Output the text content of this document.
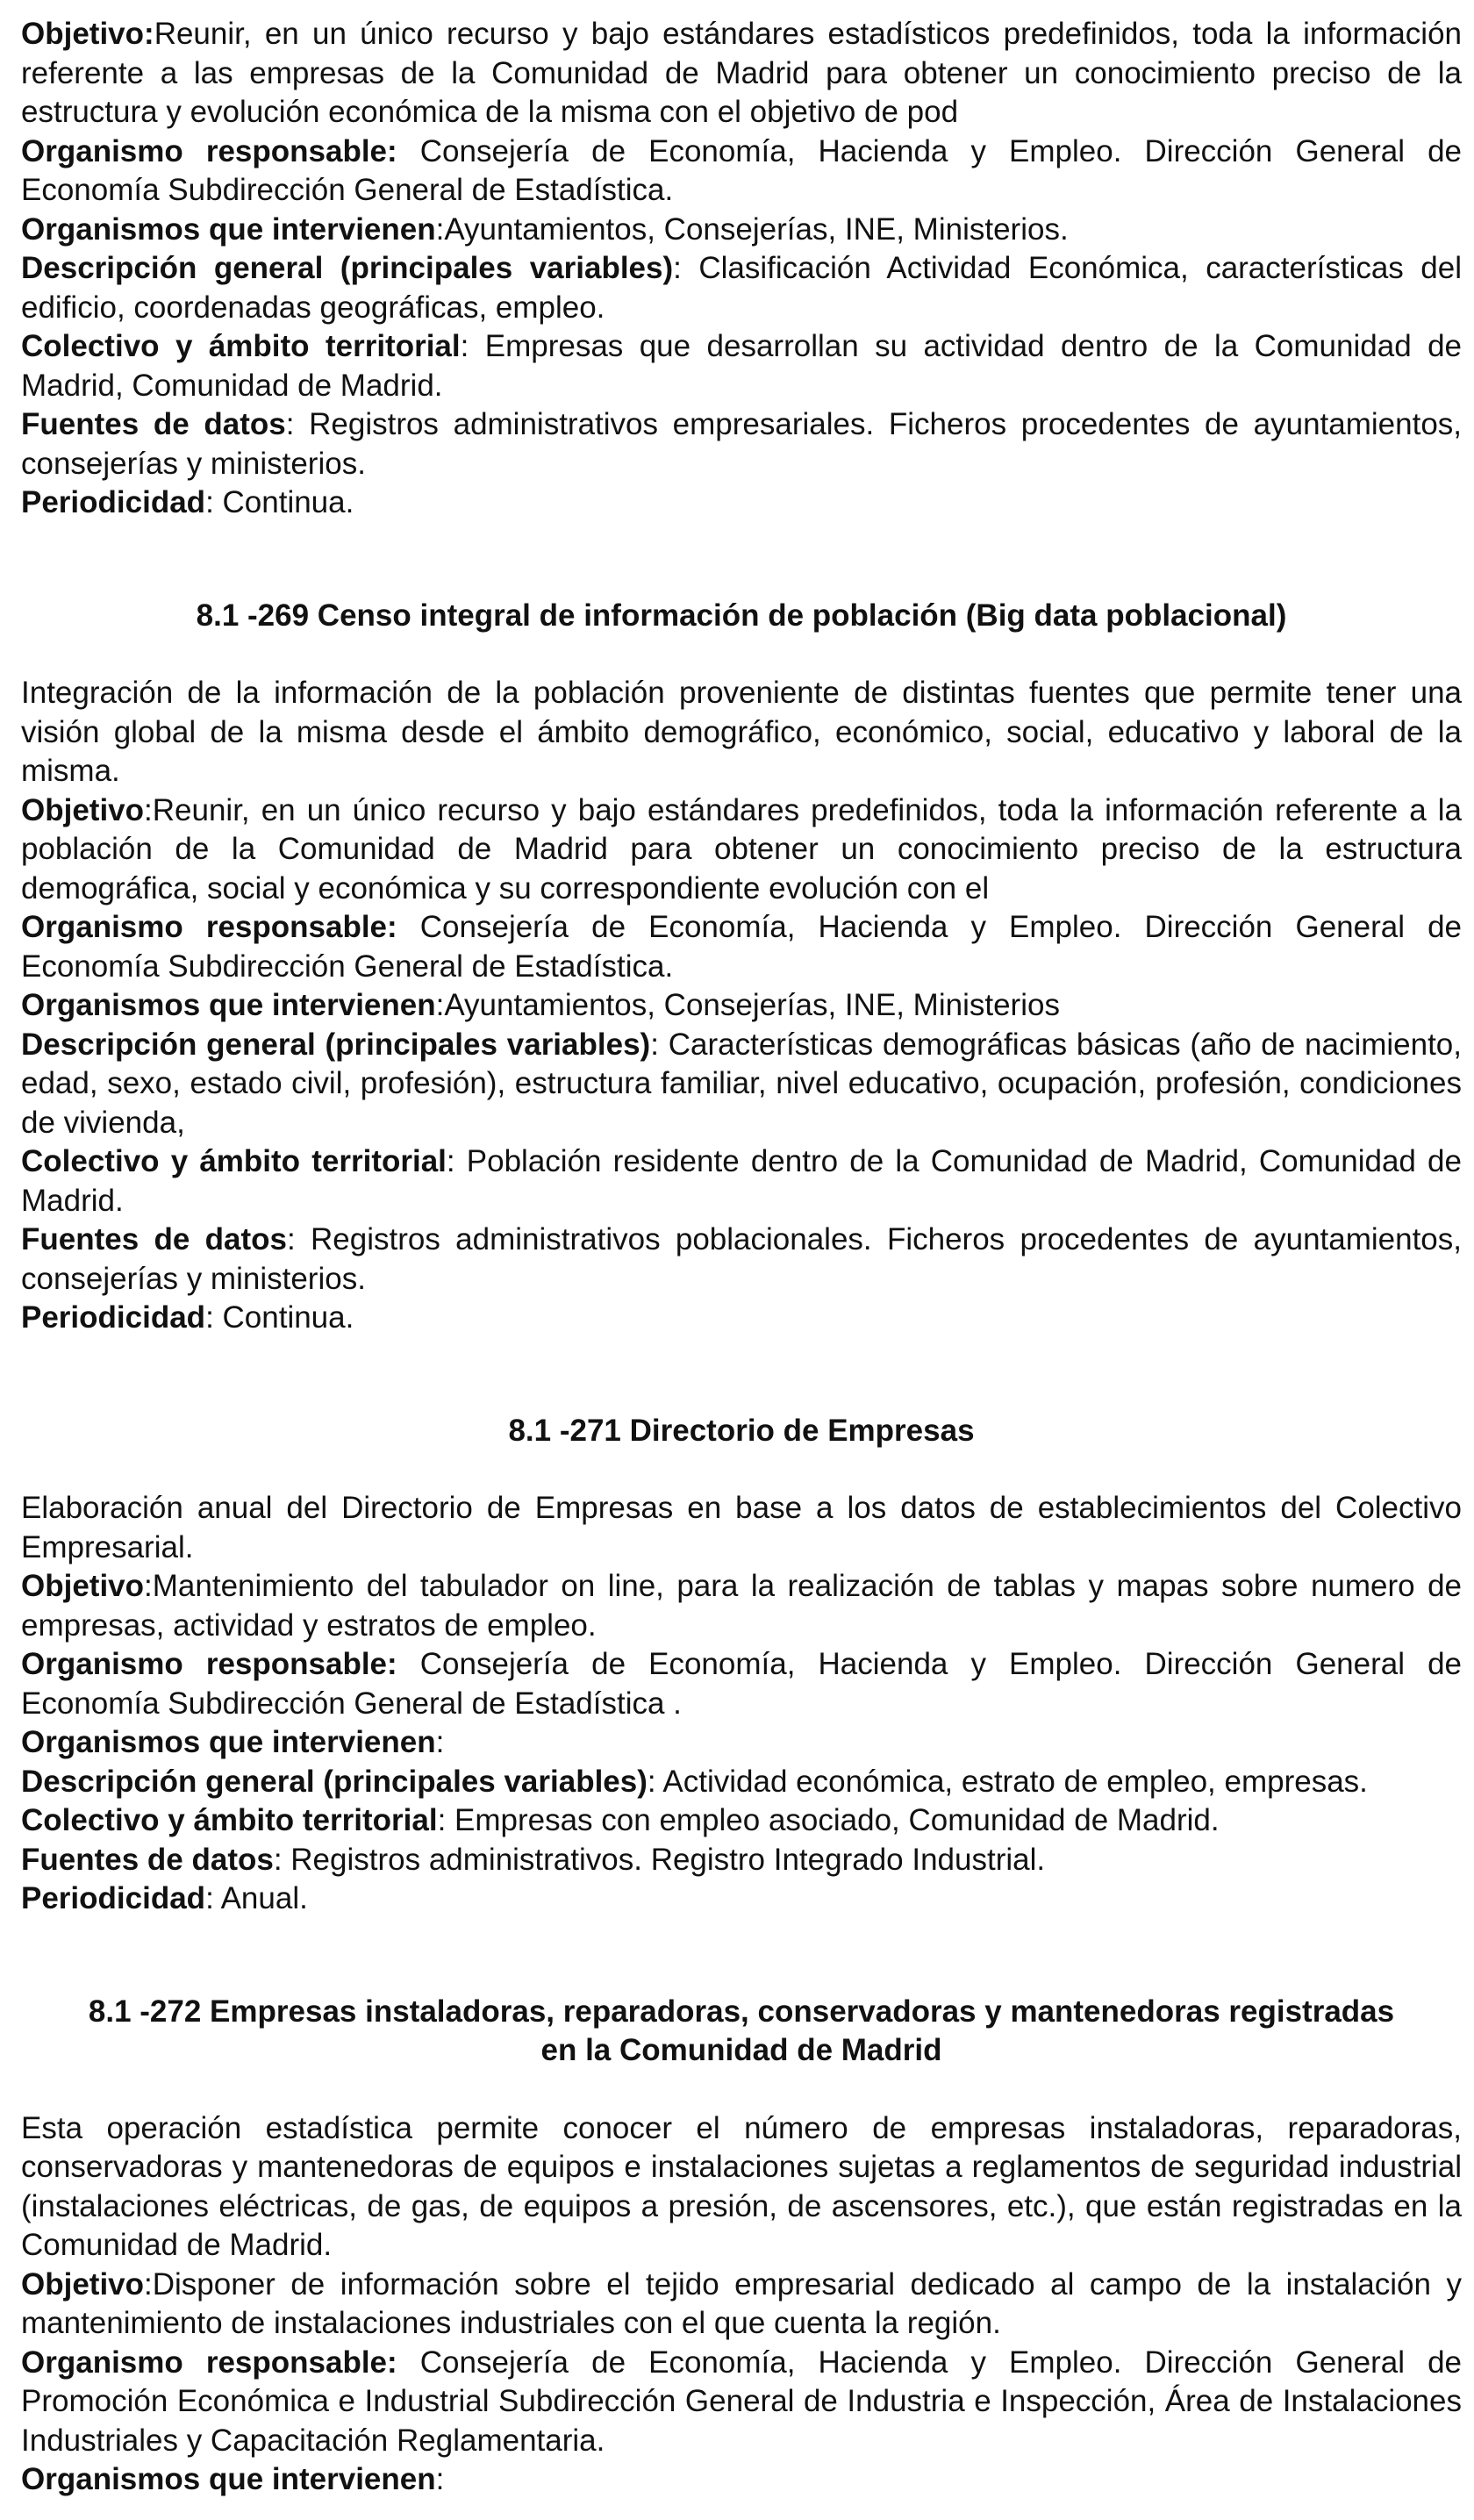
Objetivo:Reunir, en un único recurso y bajo estándares estadísticos predefinidos, toda la información referente a las empresas de la Comunidad de Madrid para obtener un conocimiento preciso de la estructura y evolución económica de la misma con el objetivo de pod

Organismo responsable: Consejería de Economía, Hacienda y Empleo. Dirección General de Economía Subdirección General de Estadística.

Organismos que intervienen:Ayuntamientos, Consejerías, INE, Ministerios.

Descripción general (principales variables): Clasificación Actividad Económica, características del edificio, coordenadas geográficas, empleo.

Colectivo y ámbito territorial: Empresas que desarrollan su actividad dentro de la Comunidad de Madrid, Comunidad de Madrid.

Fuentes de datos: Registros administrativos empresariales. Ficheros procedentes de ayuntamientos, consejerías y ministerios.

Periodicidad: Continua.

8.1 -269 Censo integral de información de población (Big data poblacional)

Integración de la información de la población proveniente de distintas fuentes que permite tener una visión global de la misma desde el ámbito demográfico, económico, social, educativo y laboral de la misma.

Objetivo:Reunir, en un único recurso y bajo estándares predefinidos, toda la información referente a la población de la Comunidad de Madrid para obtener un conocimiento preciso de la estructura demográfica, social y económica y su correspondiente evolución con el

Organismo responsable: Consejería de Economía, Hacienda y Empleo. Dirección General de Economía Subdirección General de Estadística.

Organismos que intervienen:Ayuntamientos, Consejerías, INE, Ministerios

Descripción general (principales variables): Características demográficas básicas (año de nacimiento, edad, sexo, estado civil, profesión), estructura familiar, nivel educativo, ocupación, profesión, condiciones de vivienda,

Colectivo y ámbito territorial: Población residente dentro de la Comunidad de Madrid, Comunidad de Madrid.

Fuentes de datos: Registros administrativos poblacionales. Ficheros procedentes de ayuntamientos, consejerías y ministerios.

Periodicidad: Continua.

8.1 -271 Directorio de Empresas

Elaboración anual del Directorio de Empresas en base a los datos de establecimientos del Colectivo Empresarial.

Objetivo:Mantenimiento del tabulador on line, para la realización de tablas y mapas sobre numero de empresas, actividad y estratos de empleo.

Organismo responsable: Consejería de Economía, Hacienda y Empleo. Dirección General de Economía Subdirección General de Estadística .

Organismos que intervienen:

Descripción general (principales variables): Actividad económica, estrato de empleo, empresas.

Colectivo y ámbito territorial: Empresas con empleo asociado, Comunidad de Madrid.

Fuentes de datos: Registros administrativos. Registro Integrado Industrial.

Periodicidad: Anual.

8.1 -272 Empresas instaladoras, reparadoras, conservadoras y mantenedoras registradas
en la Comunidad de Madrid

Esta operación estadística permite conocer el número de empresas instaladoras, reparadoras, conservadoras y mantenedoras de equipos e instalaciones sujetas a reglamentos de seguridad industrial (instalaciones eléctricas, de gas, de equipos a presión, de ascensores, etc.), que están registradas en la Comunidad de Madrid.

Objetivo:Disponer de información sobre el tejido empresarial dedicado al campo de la instalación y mantenimiento de instalaciones industriales con el que cuenta la región.

Organismo responsable: Consejería de Economía, Hacienda y Empleo. Dirección General de Promoción Económica e Industrial Subdirección General de Industria e Inspección, Área de Instalaciones Industriales y Capacitación Reglamentaria.

Organismos que intervienen:
